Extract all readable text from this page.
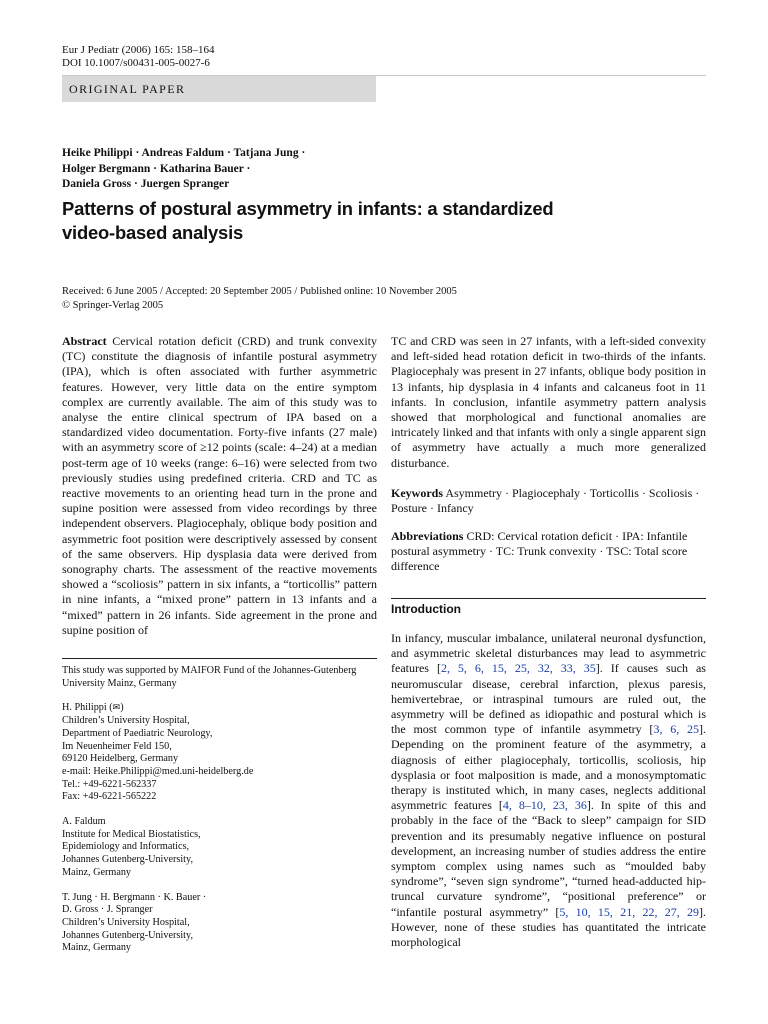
Eur J Pediatr (2006) 165: 158–164
DOI 10.1007/s00431-005-0027-6
ORIGINAL PAPER
Heike Philippi · Andreas Faldum · Tatjana Jung ·
Holger Bergmann · Katharina Bauer ·
Daniela Gross · Juergen Spranger
Patterns of postural asymmetry in infants: a standardized
video-based analysis
Received: 6 June 2005 / Accepted: 20 September 2005 / Published online: 10 November 2005
© Springer-Verlag 2005

Abstract Cervical rotation deficit (CRD) and trunk convexity (TC) constitute the diagnosis of infantile postural asymmetry (IPA), which is often associated with further asymmetric features. However, very little data on the entire symptom complex are currently available. The aim of this study was to analyse the entire clinical spectrum of IPA based on a standardized video documentation. Forty-five infants (27 male) with an asymmetry score of ≥12 points (scale: 4–24) at a median post-term age of 10 weeks (range: 6–16) were selected from two previously studies using predefined criteria. CRD and TC as reactive movements to an orienting head turn in the prone and supine position were assessed from video recordings by three independent observers. Plagiocephaly, oblique body position and asymmetric foot position were descriptively assessed by consent of the same observers. Hip dysplasia data were derived from sonography charts. The assessment of the reactive movements showed a “scoliosis” pattern in six infants, a “torticollis” pattern in nine infants, a “mixed prone” pattern in 13 infants and a “mixed” pattern in 26 infants. Side agreement in the prone and supine position of

This study was supported by MAIFOR Fund of the Johannes-Gutenberg University Mainz, Germany
H. Philippi (✉)
Children’s University Hospital,
Department of Paediatric Neurology,
Im Neuenheimer Feld 150,
69120 Heidelberg, Germany
e-mail: Heike.Philippi@med.uni-heidelberg.de
Tel.: +49-6221-562337
Fax: +49-6221-565222
A. Faldum
Institute for Medical Biostatistics,
Epidemiology and Informatics,
Johannes Gutenberg-University,
Mainz, Germany
T. Jung · H. Bergmann · K. Bauer ·
D. Gross · J. Spranger
Children’s University Hospital,
Johannes Gutenberg-University,
Mainz, Germany

TC and CRD was seen in 27 infants, with a left-sided convexity and left-sided head rotation deficit in two-thirds of the infants. Plagiocephaly was present in 27 infants, oblique body position in 13 infants, hip dysplasia in 4 infants and calcaneus foot in 11 infants. In conclusion, infantile asymmetry pattern analysis showed that morphological and functional anomalies are intricately linked and that infants with only a single apparent sign of asymmetry have actually a much more generalized disturbance.

Keywords Asymmetry · Plagiocephaly · Torticollis · Scoliosis · Posture · Infancy

Abbreviations CRD: Cervical rotation deficit · IPA: Infantile postural asymmetry · TC: Trunk convexity · TSC: Total score difference

Introduction

In infancy, muscular imbalance, unilateral neuronal dysfunction, and asymmetric skeletal disturbances may lead to asymmetric features [2, 5, 6, 15, 25, 32, 33, 35]. If causes such as neuromuscular disease, cerebral infarction, plexus paresis, hemivertebrae, or intraspinal tumours are ruled out, the asymmetry will be defined as idiopathic and postural which is the most common type of infantile asymmetry [3, 6, 25]. Depending on the prominent feature of the asymmetry, a diagnosis of either plagiocephaly, torticollis, scoliosis, hip dysplasia or foot malposition is made, and a monosymptomatic therapy is instituted which, in many cases, neglects additional asymmetric features [4, 8–10, 23, 36]. In spite of this and probably in the face of the “Back to sleep” campaign for SID prevention and its presumably negative influence on postural development, an increasing number of studies address the entire symptom complex using names such as “moulded baby syndrome”, “seven sign syndrome”, “turned head-adducted hip-truncal curvature syndrome”, “positional preference” or “infantile postural asymmetry” [5, 10, 15, 21, 22, 27, 29]. However, none of these studies has quantitated the intricate morphological
